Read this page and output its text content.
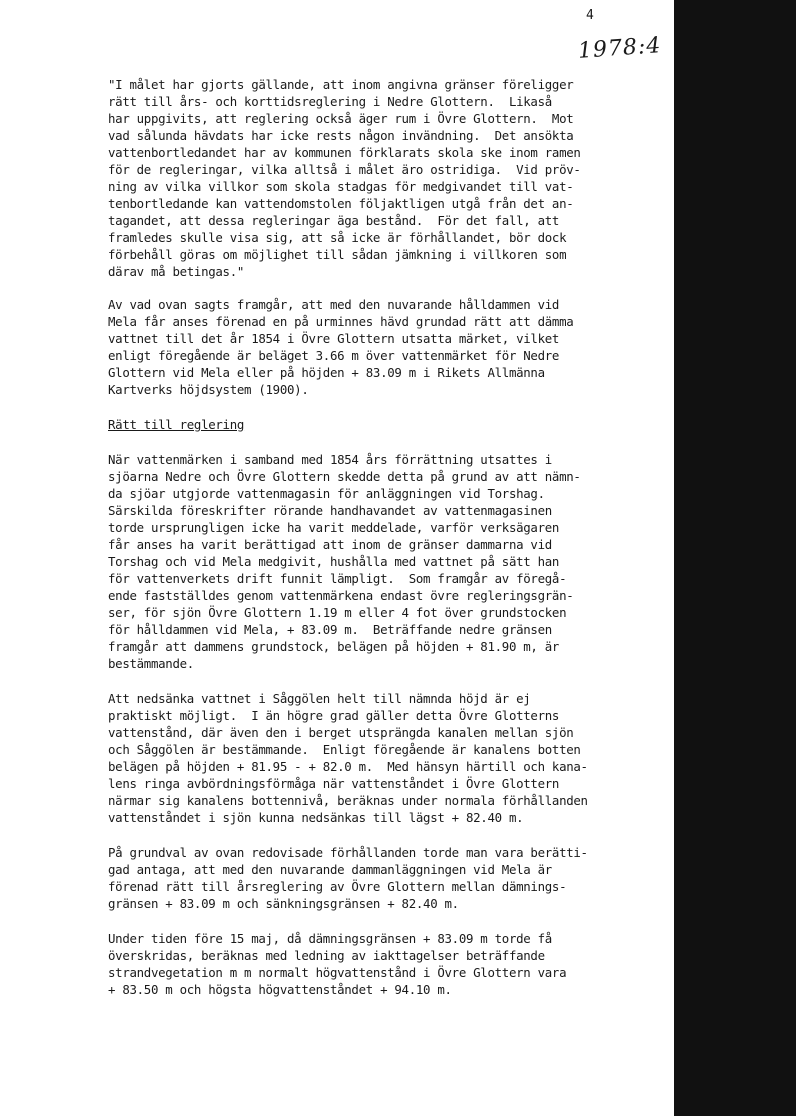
4
1978:4
"I målet har gjorts gällande, att inom angivna gränser föreligger
rätt till års- och korttidsreglering i Nedre Glottern.  Likaså
har uppgivits, att reglering också äger rum i Övre Glottern.  Mot
vad sålunda hävdats har icke rests någon invändning.  Det ansökta
vattenbortledandet har av kommunen förklarats skola ske inom ramen
för de regleringar, vilka alltså i målet äro ostridiga.  Vid pröv-
ning av vilka villkor som skola stadgas för medgivandet till vat-
tenbortledande kan vattendomstolen följaktligen utgå från det an-
tagandet, att dessa regleringar äga bestånd.  För det fall, att
framledes skulle visa sig, att så icke är förhållandet, bör dock
förbehåll göras om möjlighet till sådan jämkning i villkoren som
därav må betingas."
Av vad ovan sagts framgår, att med den nuvarande hålldammen vid
Mela får anses förenad en på urminnes hävd grundad rätt att dämma
vattnet till det år 1854 i Övre Glottern utsatta märket, vilket
enligt föregående är beläget 3.66 m över vattenmärket för Nedre
Glottern vid Mela eller på höjden + 83.09 m i Rikets Allmänna
Kartverks höjdsystem (1900).
Rätt till reglering
När vattenmärken i samband med 1854 års förrättning utsattes i
sjöarna Nedre och Övre Glottern skedde detta på grund av att nämn-
da sjöar utgjorde vattenmagasin för anläggningen vid Torshag.
Särskilda föreskrifter rörande handhavandet av vattenmagasinen
torde ursprungligen icke ha varit meddelade, varför verksägaren
får anses ha varit berättigad att inom de gränser dammarna vid
Torshag och vid Mela medgivit, hushålla med vattnet på sätt han
för vattenverkets drift funnit lämpligt.  Som framgår av föregå-
ende fastställdes genom vattenmärkena endast övre regleringsgrän-
ser, för sjön Övre Glottern 1.19 m eller 4 fot över grundstocken
för hålldammen vid Mela, + 83.09 m.  Beträffande nedre gränsen
framgår att dammens grundstock, belägen på höjden + 81.90 m, är
bestämmande.
Att nedsänka vattnet i Såggölen helt till nämnda höjd är ej
praktiskt möjligt.  I än högre grad gäller detta Övre Glotterns
vattenstånd, där även den i berget utsprängda kanalen mellan sjön
och Såggölen är bestämmande.  Enligt föregående är kanalens botten
belägen på höjden + 81.95 - + 82.0 m.  Med hänsyn härtill och kana-
lens ringa avbördningsförmåga när vattenståndet i Övre Glottern
närmar sig kanalens bottennivå, beräknas under normala förhållanden
vattenståndet i sjön kunna nedsänkas till lägst + 82.40 m.
På grundval av ovan redovisade förhållanden torde man vara berätti-
gad antaga, att med den nuvarande dammanläggningen vid Mela är
förenad rätt till årsreglering av Övre Glottern mellan dämnings-
gränsen + 83.09 m och sänkningsgränsen + 82.40 m.
Under tiden före 15 maj, då dämningsgränsen + 83.09 m torde få
överskridas, beräknas med ledning av iakttagelser beträffande
strandvegetation m m normalt högvattenstånd i Övre Glottern vara
+ 83.50 m och högsta högvattenståndet + 94.10 m.
